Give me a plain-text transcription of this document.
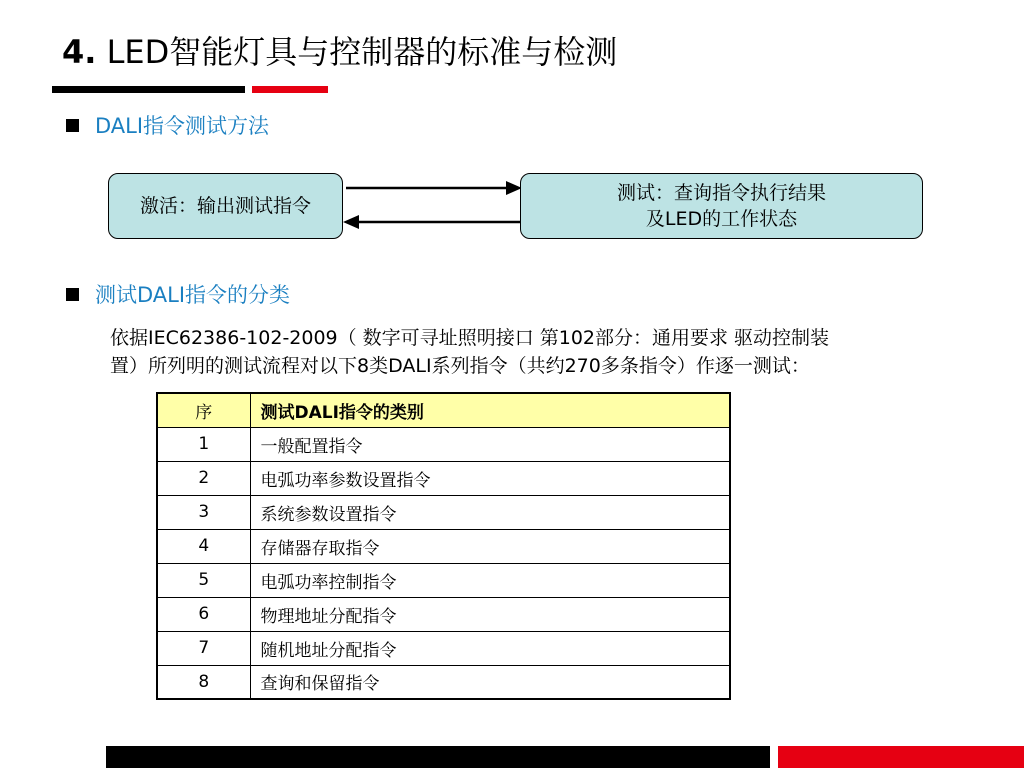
4. LED智能灯具与控制器的标准与检测
DALI指令测试方法
激活：输出测试指令
测试：查询指令执行结果
及LED的工作状态
测试DALI指令的分类
依据IEC62386-102-2009（ 数字可寻址照明接口 第102部分：通用要求 驱动控制装
置）所列明的测试流程对以下8类DALI系列指令（共约270多条指令）作逐一测试：
序	测试DALI指令的类别
1	一般配置指令
2	电弧功率参数设置指令
3	系统参数设置指令
4	存储器存取指令
5	电弧功率控制指令
6	物理地址分配指令
7	随机地址分配指令
8	查询和保留指令
